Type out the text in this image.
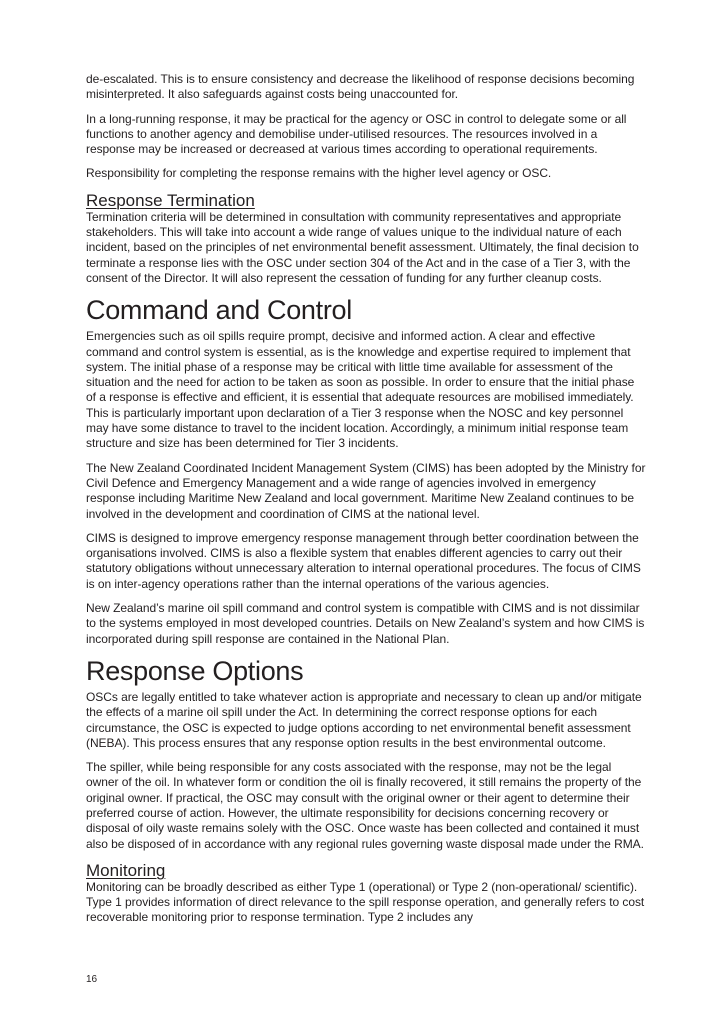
de-escalated. This is to ensure consistency and decrease the likelihood of response decisions becoming misinterpreted. It also safeguards against costs being unaccounted for.

In a long-running response, it may be practical for the agency or OSC in control to delegate some or all functions to another agency and demobilise under-utilised resources. The resources involved in a response may be increased or decreased at various times according to operational requirements.

Responsibility for completing the response remains with the higher level agency or OSC.

Response Termination

Termination criteria will be determined in consultation with community representatives and appropriate stakeholders. This will take into account a wide range of values unique to the individual nature of each incident, based on the principles of net environmental benefit assessment. Ultimately, the final decision to terminate a response lies with the OSC under section 304 of the Act and in the case of a Tier 3, with the consent of the Director. It will also represent the cessation of funding for any further cleanup costs.

Command and Control

Emergencies such as oil spills require prompt, decisive and informed action. A clear and effective command and control system is essential, as is the knowledge and expertise required to implement that system. The initial phase of a response may be critical with little time available for assessment of the situation and the need for action to be taken as soon as possible. In order to ensure that the initial phase of a response is effective and efficient, it is essential that adequate resources are mobilised immediately. This is particularly important upon declaration of a Tier 3 response when the NOSC and key personnel may have some distance to travel to the incident location. Accordingly, a minimum initial response team structure and size has been determined for Tier 3 incidents.

The New Zealand Coordinated Incident Management System (CIMS) has been adopted by the Ministry for Civil Defence and Emergency Management and a wide range of agencies involved in emergency response including Maritime New Zealand and local government. Maritime New Zealand continues to be involved in the development and coordination of CIMS at the national level.

CIMS is designed to improve emergency response management through better coordination between the organisations involved. CIMS is also a flexible system that enables different agencies to carry out their statutory obligations without unnecessary alteration to internal operational procedures. The focus of CIMS is on inter-agency operations rather than the internal operations of the various agencies.

New Zealand’s marine oil spill command and control system is compatible with CIMS and is not dissimilar to the systems employed in most developed countries. Details on New Zealand’s system and how CIMS is incorporated during spill response are contained in the National Plan.

Response Options

OSCs are legally entitled to take whatever action is appropriate and necessary to clean up and/or mitigate the effects of a marine oil spill under the Act. In determining the correct response options for each circumstance, the OSC is expected to judge options according to net environmental benefit assessment (NEBA). This process ensures that any response option results in the best environmental outcome.

The spiller, while being responsible for any costs associated with the response, may not be the legal owner of the oil. In whatever form or condition the oil is finally recovered, it still remains the property of the original owner. If practical, the OSC may consult with the original owner or their agent to determine their preferred course of action. However, the ultimate responsibility for decisions concerning recovery or disposal of oily waste remains solely with the OSC. Once waste has been collected and contained it must also be disposed of in accordance with any regional rules governing waste disposal made under the RMA.

Monitoring

Monitoring can be broadly described as either Type 1 (operational) or Type 2 (non-operational/ scientific). Type 1 provides information of direct relevance to the spill response operation, and generally refers to cost recoverable monitoring prior to response termination. Type 2 includes any

16
